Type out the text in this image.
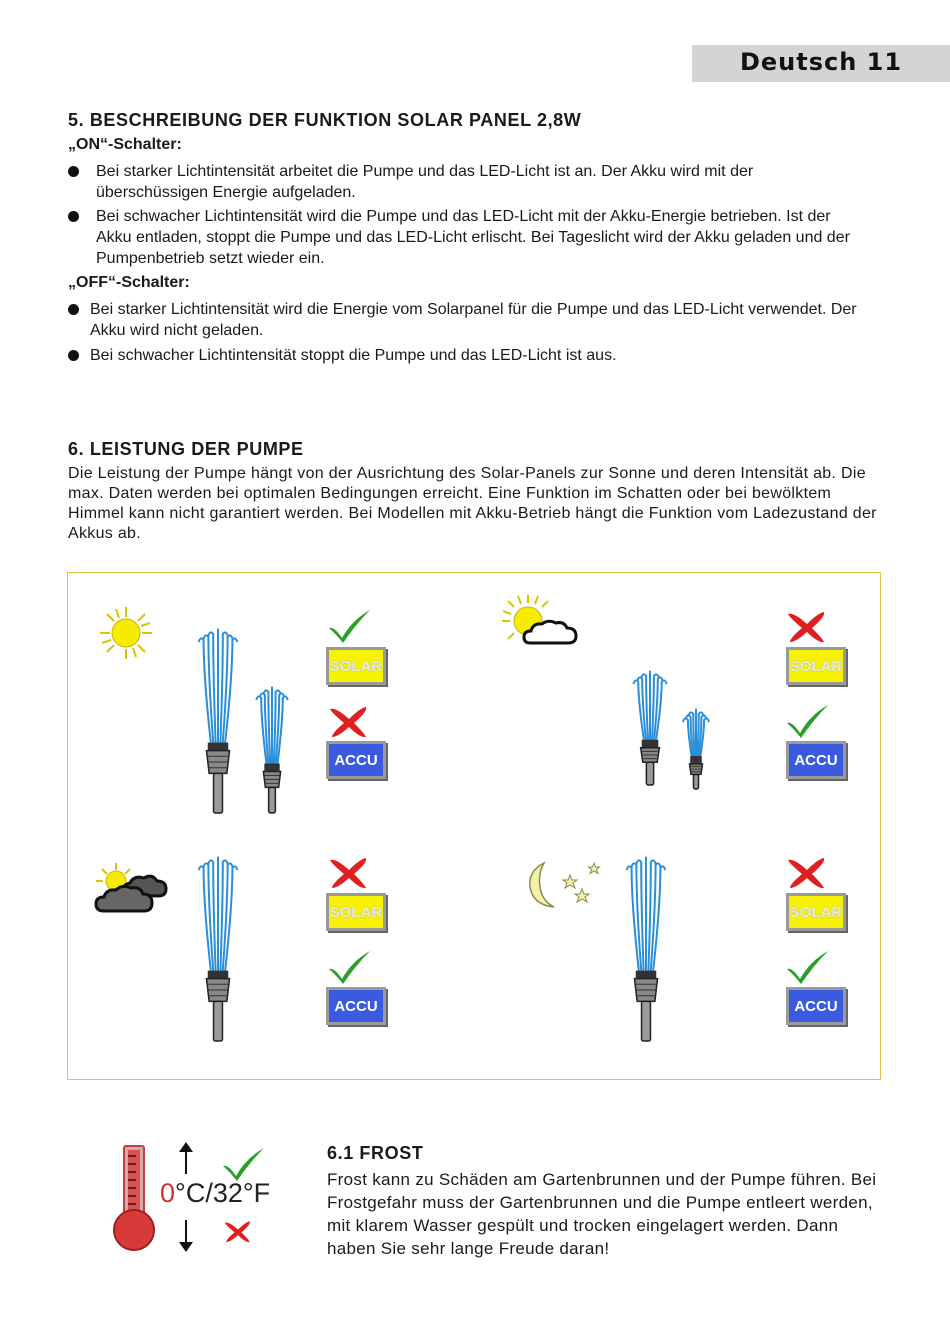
Deutsch 11
5. BESCHREIBUNG DER FUNKTION SOLAR PANEL 2,8W
„ON“-Schalter:
Bei starker Lichtintensität arbeitet die Pumpe und das LED-Licht ist an. Der Akku wird mit der überschüssigen Energie aufgeladen.
Bei schwacher Lichtintensität wird die Pumpe und das LED-Licht mit der Akku-Energie betrieben. Ist der Akku entladen, stoppt die Pumpe und das LED-Licht erlischt. Bei Tageslicht wird der Akku geladen und der Pumpenbetrieb setzt wieder ein.
„OFF“-Schalter:
Bei starker Lichtintensität wird die Energie vom Solarpanel für die Pumpe und das LED-Licht verwendet. Der Akku wird nicht geladen.
Bei schwacher Lichtintensität stoppt die Pumpe und das LED-Licht ist aus.
6. LEISTUNG DER PUMPE

Die Leistung der Pumpe hängt von der Ausrichtung des Solar-Panels zur Sonne und deren Intensität ab. Die max. Daten werden bei optimalen Bedingungen erreicht. Eine Funktion im Schatten oder bei bewölktem Himmel kann nicht garantiert werden. Bei Modellen mit Akku-Betrieb hängt die Funktion vom Ladezustand der Akkus ab.

SOLAR
ACCU
SOLAR
ACCU
SOLAR
ACCU
SOLAR
ACCU
0°C/32°F
6.1 FROST

Frost kann zu Schäden am Gartenbrunnen und der Pumpe führen. Bei Frostgefahr muss der Gartenbrunnen und die Pumpe entleert werden, mit klarem Wasser gespült und trocken eingelagert werden. Dann haben Sie sehr lange Freude daran!
